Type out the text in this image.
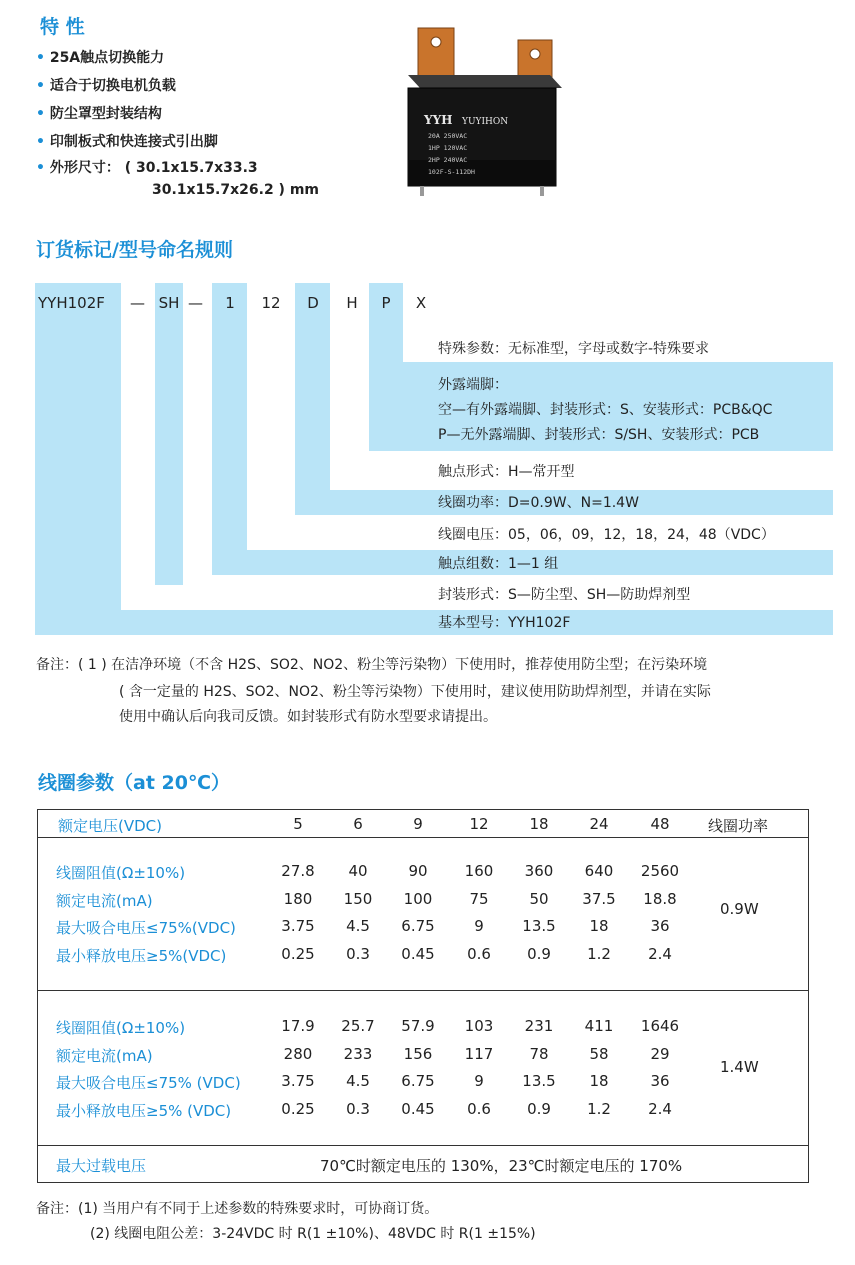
特 性
• 25A触点切换能力
• 适合于切换电机负载
• 防尘罩型封装结构
• 印制板式和快连接式引出脚
• 外形尺寸： ( 30.1x15.7x33.3
30.1x15.7x26.2 ) mm
YYH YUYIHON
20A 250VAC
1HP 120VAC
2HP 240VAC
102F-S-112DH
订货标记/型号命名规则
YYH102F — SH —	1	12	D	H	P	X
特殊参数：无标准型，字母或数字-特殊要求
外露端脚：
空—有外露端脚、封装形式：S、安装形式：PCB&QC
P—无外露端脚、封装形式：S/SH、安装形式：PCB
触点形式：H—常开型
线圈功率：D=0.9W、N=1.4W
线圈电压：05，06，09，12，18，24，48（VDC）
触点组数：1—1 组
封装形式：S—防尘型、SH—防助焊剂型
基本型号：YYH102F
备注：( 1 ) 在洁净环境（不含 H2S、SO2、NO2、粉尘等污染物）下使用时，推荐使用防尘型；在污染环境
( 含一定量的 H2S、SO2、NO2、粉尘等污染物）下使用时，建议使用防助焊剂型，并请在实际
使用中确认后向我司反馈。如封装形式有防水型要求请提出。
线圈参数（at 20℃）
额定电压(VDC)	5	6	9	12	18	24	48	线圈功率
线圈阻值(Ω±10%)	27.8	40	90	160	360	640	2560
额定电流(mA)	180	150	100	75	50	37.5	18.8
最大吸合电压≤75%(VDC)	3.75	4.5	6.75	9	13.5	18	36
最小释放电压≥5%(VDC)	0.25	0.3	0.45	0.6	0.9	1.2	2.4
0.9W
线圈阻值(Ω±10%)	17.9	25.7	57.9	103	231	411	1646
额定电流(mA)	280	233	156	117	78	58	29
最大吸合电压≤75% (VDC)	3.75	4.5	6.75	9	13.5	18	36
最小释放电压≥5% (VDC)	0.25	0.3	0.45	0.6	0.9	1.2	2.4
1.4W
最大过载电压	70℃时额定电压的 130%，23℃时额定电压的 170%
备注：(1) 当用户有不同于上述参数的特殊要求时，可协商订货。
(2) 线圈电阻公差：3-24VDC 时 R(1 ±10%)、48VDC 时 R(1 ±15%)
